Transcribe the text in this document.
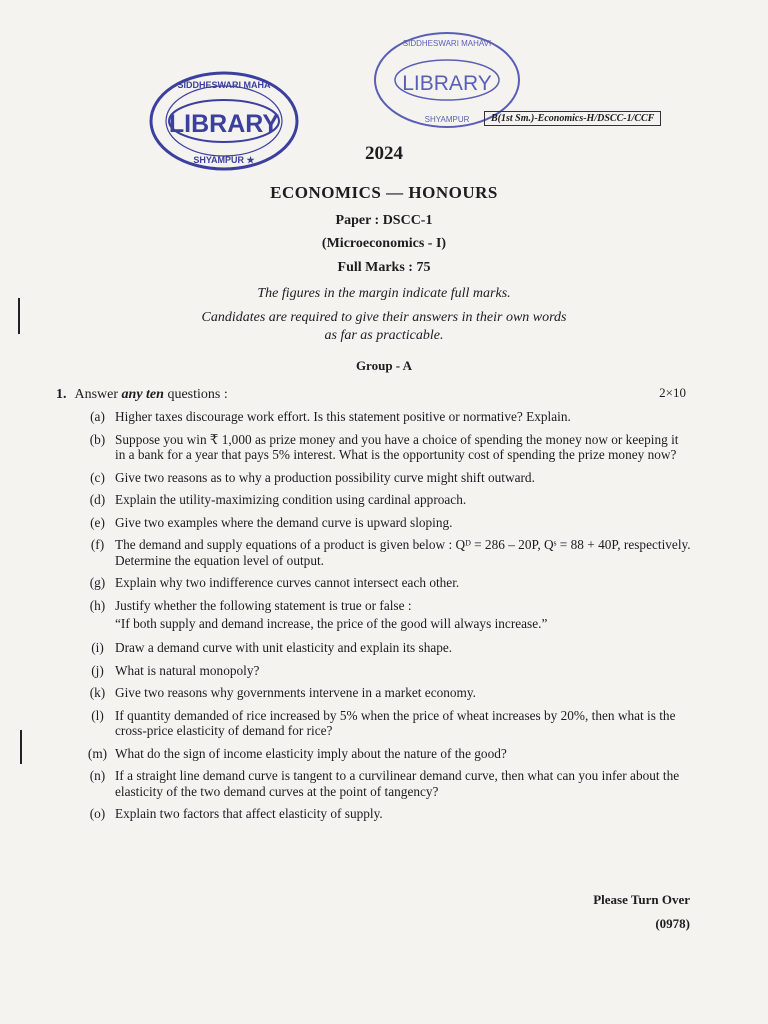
LIBRARY
SIDDHESWARI MAHA
SHYAMPUR ★
LIBRARY
SIDDHESWARI MAHAVI
SHYAMPUR	B(1st Sm.)-Economics-H/DSCC-1/CCF
2024
ECONOMICS — HONOURS
Paper : DSCC-1
(Microeconomics - I)
Full Marks : 75
The figures in the margin indicate full marks.
Candidates are required to give their answers in their own words
as far as practicable.
Group - A
1. Answer any ten questions :	2×10
(a) Higher taxes discourage work effort. Is this statement positive or normative? Explain.
(b) Suppose you win ₹ 1,000 as prize money and you have a choice of spending the money now or keeping it in a bank for a year that pays 5% interest. What is the opportunity cost of spending the prize money now?
(c) Give two reasons as to why a production possibility curve might shift outward.
(d) Explain the utility-maximizing condition using cardinal approach.
(e) Give two examples where the demand curve is upward sloping.
(f) The demand and supply equations of a product is given below : Qᴰ = 286 – 20P, Qˢ = 88 + 40P, respectively. Determine the equation level of output.
(g) Explain why two indifference curves cannot intersect each other.
(h) Justify whether the following statement is true or false :
“If both supply and demand increase, the price of the good will always increase.”
(i) Draw a demand curve with unit elasticity and explain its shape.
(j) What is natural monopoly?
(k) Give two reasons why governments intervene in a market economy.
(l) If quantity demanded of rice increased by 5% when the price of wheat increases by 20%, then what is the cross-price elasticity of demand for rice?
(m) What do the sign of income elasticity imply about the nature of the good?
(n) If a straight line demand curve is tangent to a curvilinear demand curve, then what can you infer about the elasticity of the two demand curves at the point of tangency?
(o) Explain two factors that affect elasticity of supply.
Please Turn Over
(0978)
